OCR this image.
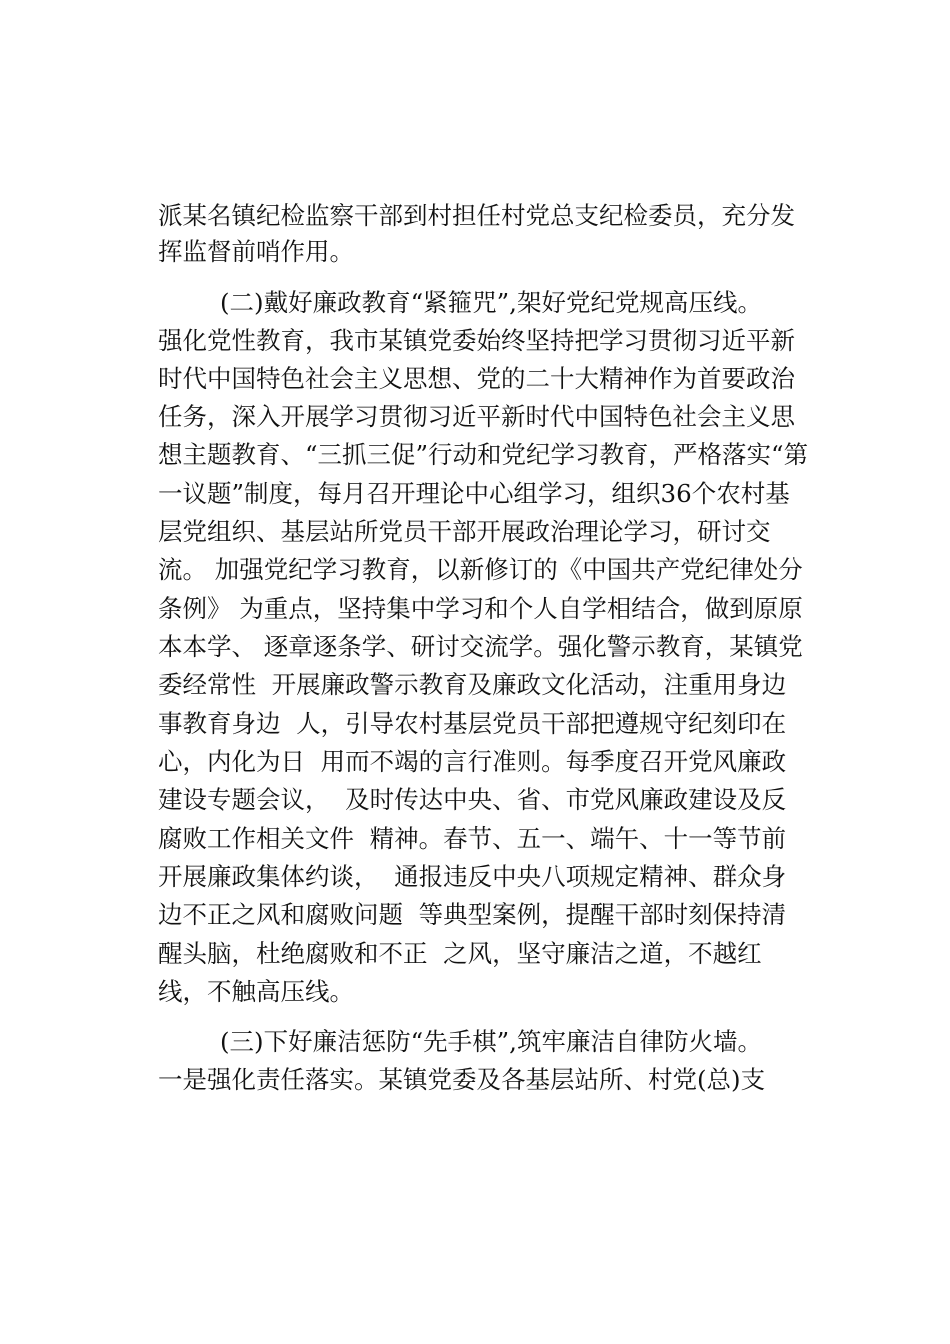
派某名镇纪检监察干部到村担任村党总支纪检委员，充分发
挥监督前哨作用。
(二)戴好廉政教育“紧箍咒”,架好党纪党规高压线。
强化党性教育，我市某镇党委始终坚持把学习贯彻习近平新
时代中国特色社会主义思想、党的二十大精神作为首要政治
任务，深入开展学习贯彻习近平新时代中国特色社会主义思
想主题教育、“三抓三促”行动和党纪学习教育，严格落实“第
一议题”制度，每月召开理论中心组学习，组织36个农村基
层党组织、基层站所党员干部开展政治理论学习，研讨交
流。 加强党纪学习教育，以新修订的《中国共产党纪律处分
条例》 为重点，坚持集中学习和个人自学相结合，做到原原
本本学、 逐章逐条学、研讨交流学。强化警示教育，某镇党
委经常性  开展廉政警示教育及廉政文化活动，注重用身边
事教育身边  人，引导农村基层党员干部把遵规守纪刻印在
心，内化为日  用而不竭的言行准则。每季度召开党风廉政
建设专题会议，  及时传达中央、省、市党风廉政建设及反
腐败工作相关文件  精神。春节、五一、端午、十一等节前
开展廉政集体约谈，  通报违反中央八项规定精神、群众身
边不正之风和腐败问题  等典型案例，提醒干部时刻保持清
醒头脑，杜绝腐败和不正  之风，坚守廉洁之道，不越红
线，不触高压线。
(三)下好廉洁惩防“先手棋”,筑牢廉洁自律防火墙。
一是强化责任落实。某镇党委及各基层站所、村党(总)支
